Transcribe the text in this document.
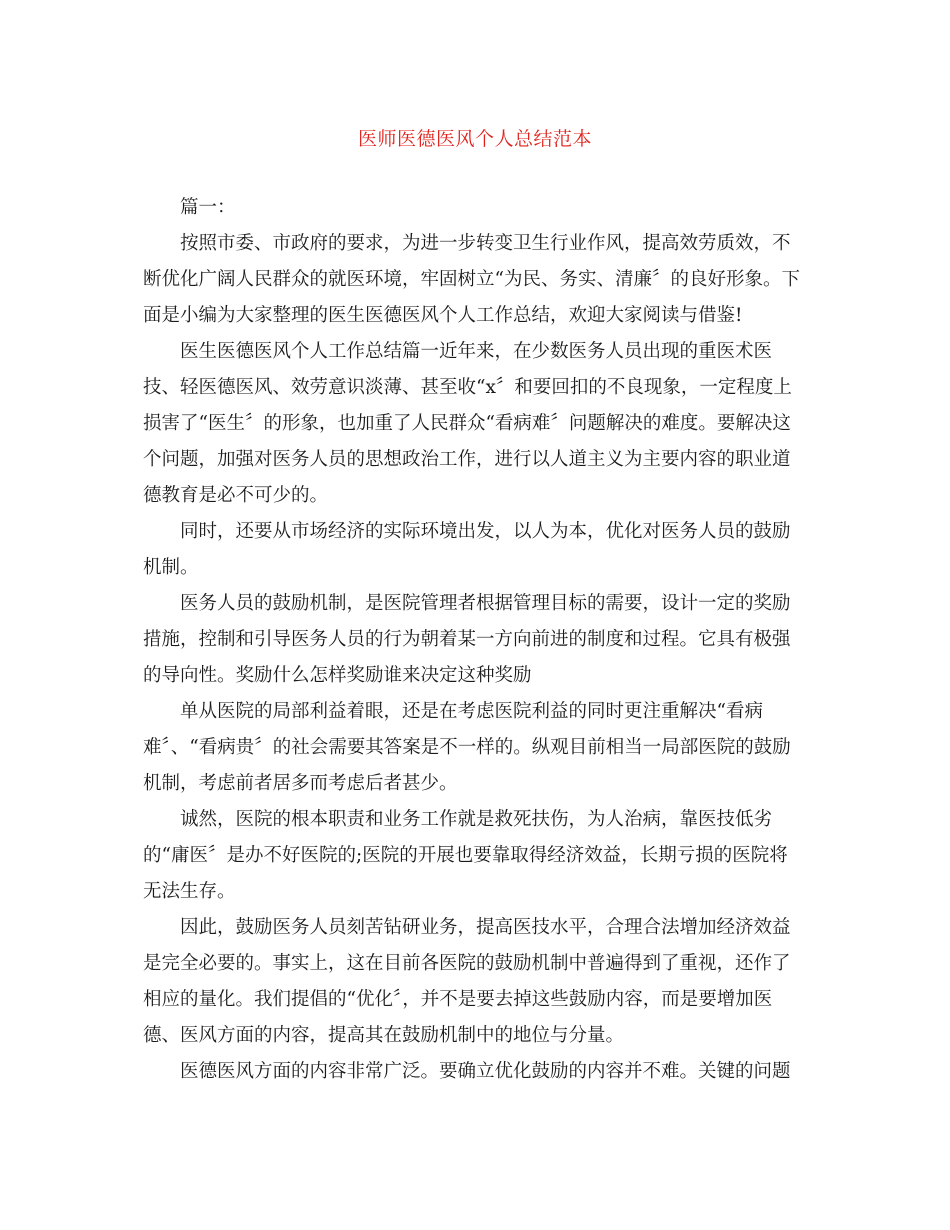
医师医德医风个人总结范本
篇一：
按照市委、市政府的要求，为进一步转变卫生行业作风，提高效劳质效，不
断优化广阔人民群众的就医环境，牢固树立“为民、务实、清廉〞的良好形象。下
面是小编为大家整理的医生医德医风个人工作总结，欢迎大家阅读与借鉴!
医生医德医风个人工作总结篇一近年来，在少数医务人员出现的重医术医
技、轻医德医风、效劳意识淡薄、甚至收“x〞和要回扣的不良现象，一定程度上
损害了“医生〞的形象，也加重了人民群众“看病难〞问题解决的难度。要解决这
个问题，加强对医务人员的思想政治工作，进行以人道主义为主要内容的职业道
德教育是必不可少的。
同时，还要从市场经济的实际环境出发，以人为本，优化对医务人员的鼓励
机制。
医务人员的鼓励机制，是医院管理者根据管理目标的需要，设计一定的奖励
措施，控制和引导医务人员的行为朝着某一方向前进的制度和过程。它具有极强
的导向性。奖励什么怎样奖励谁来决定这种奖励
单从医院的局部利益着眼，还是在考虑医院利益的同时更注重解决“看病
难〞、“看病贵〞的社会需要其答案是不一样的。纵观目前相当一局部医院的鼓励
机制，考虑前者居多而考虑后者甚少。
诚然，医院的根本职责和业务工作就是救死扶伤，为人治病，靠医技低劣
的“庸医〞是办不好医院的;医院的开展也要靠取得经济效益，长期亏损的医院将
无法生存。
因此，鼓励医务人员刻苦钻研业务，提高医技水平，合理合法增加经济效益
是完全必要的。事实上，这在目前各医院的鼓励机制中普遍得到了重视，还作了
相应的量化。我们提倡的“优化〞，并不是要去掉这些鼓励内容，而是要增加医
德、医风方面的内容，提高其在鼓励机制中的地位与分量。
医德医风方面的内容非常广泛。要确立优化鼓励的内容并不难。关键的问题
